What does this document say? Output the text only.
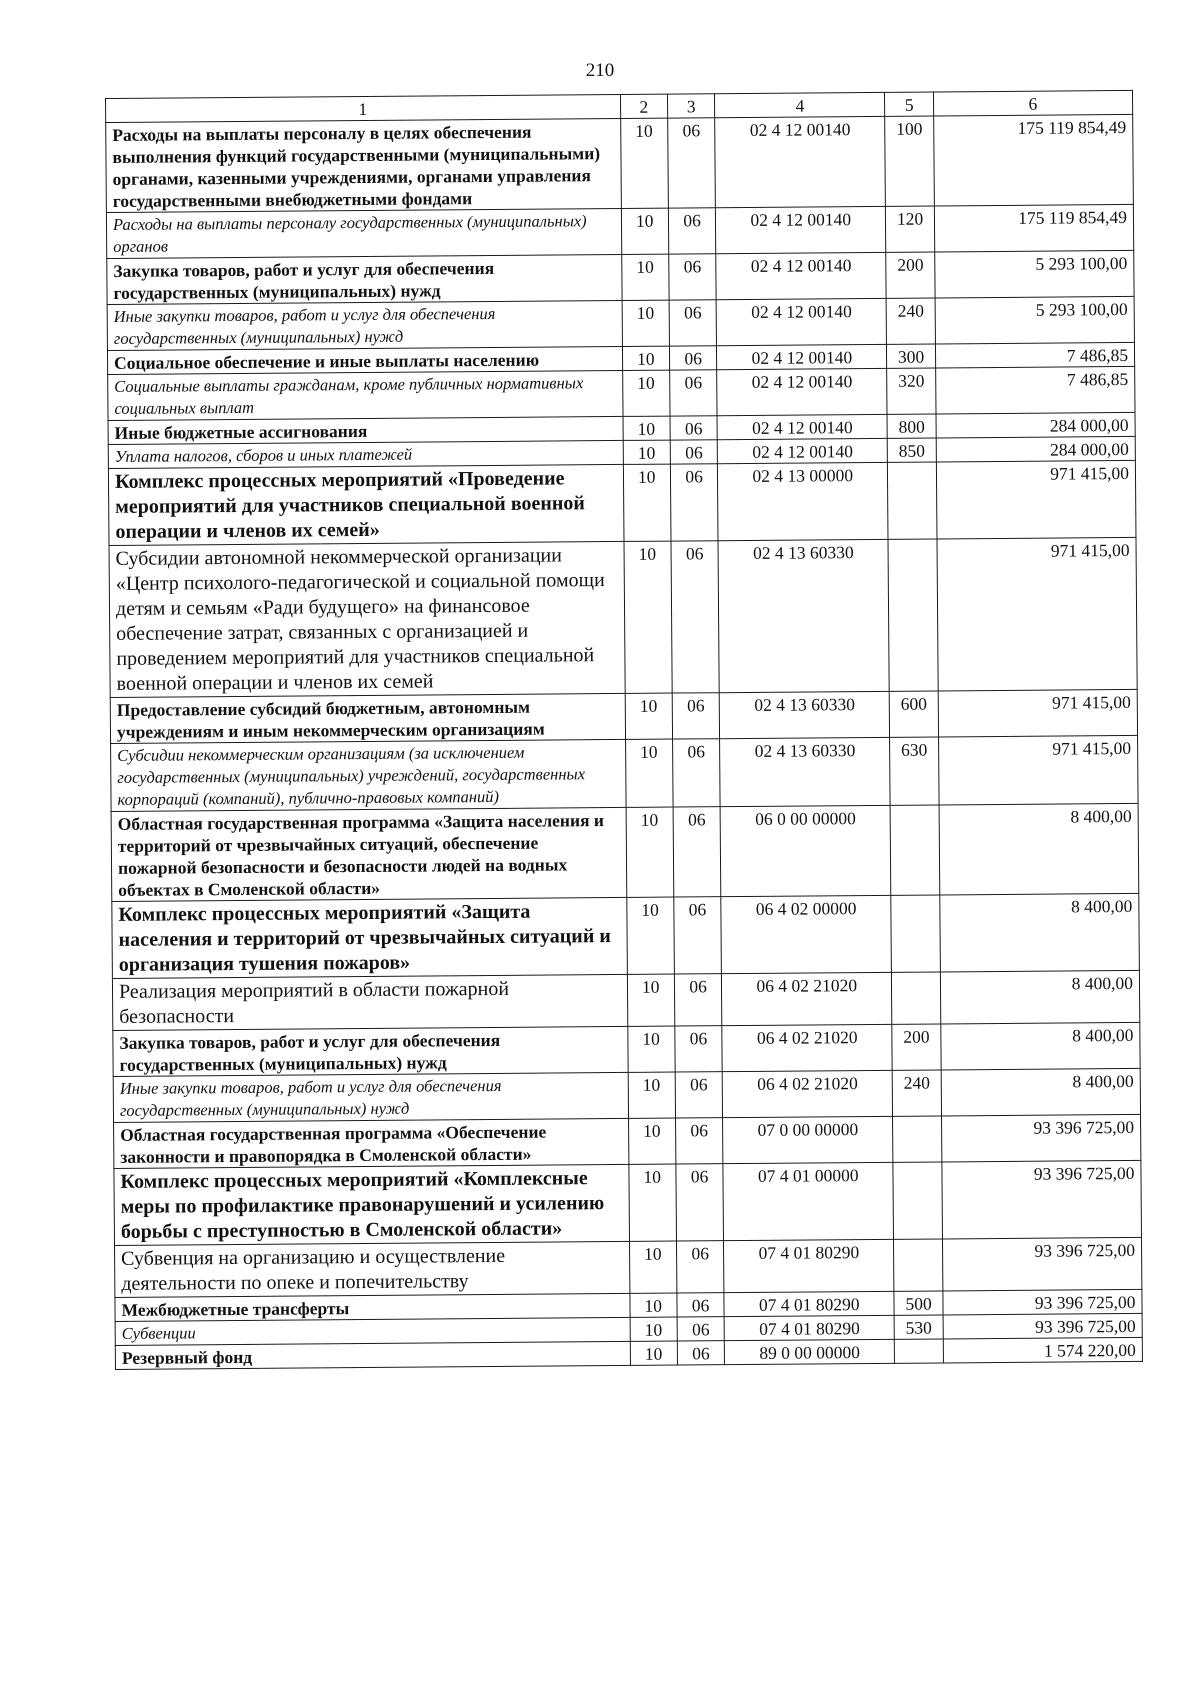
210
1	2	3	4	5	6
Расходы на выплаты персоналу в целях обеспечения выполнения функций государственными (муниципальными) органами, казенными учреждениями, органами управления государственными внебюджетными фондами	10	06	02 4 12 00140	100	175 119 854,49
Расходы на выплаты персоналу государственных (муниципальных) органов	10	06	02 4 12 00140	120	175 119 854,49
Закупка товаров, работ и услуг для обеспечения государственных (муниципальных) нужд	10	06	02 4 12 00140	200	5 293 100,00
Иные закупки товаров, работ и услуг для обеспечения государственных (муниципальных) нужд	10	06	02 4 12 00140	240	5 293 100,00
Социальное обеспечение и иные выплаты населению	10	06	02 4 12 00140	300	7 486,85
Социальные выплаты гражданам, кроме публичных нормативных социальных выплат	10	06	02 4 12 00140	320	7 486,85
Иные бюджетные ассигнования	10	06	02 4 12 00140	800	284 000,00
Уплата налогов, сборов и иных платежей	10	06	02 4 12 00140	850	284 000,00
Комплекс процессных мероприятий «Проведение мероприятий для участников специальной военной операции и членов их семей»	10	06	02 4 13 00000		971 415,00
Субсидии автономной некоммерческой организации «Центр психолого-педагогической и социальной помощи детям и семьям «Ради будущего» на финансовое обеспечение затрат, связанных с организацией и проведением мероприятий для участников специальной военной операции и членов их семей	10	06	02 4 13 60330		971 415,00
Предоставление субсидий бюджетным, автономным учреждениям и иным некоммерческим организациям	10	06	02 4 13 60330	600	971 415,00
Субсидии некоммерческим организациям (за исключением государственных (муниципальных) учреждений, государственных корпораций (компаний), публично-правовых компаний)	10	06	02 4 13 60330	630	971 415,00
Областная государственная программа «Защита населения и территорий от чрезвычайных ситуаций, обеспечение пожарной безопасности и безопасности людей на водных объектах в Смоленской области»	10	06	06 0 00 00000		8 400,00
Комплекс процессных мероприятий «Защита населения и территорий от чрезвычайных ситуаций и организация тушения пожаров»	10	06	06 4 02 00000		8 400,00
Реализация мероприятий в области пожарной безопасности	10	06	06 4 02 21020		8 400,00
Закупка товаров, работ и услуг для обеспечения государственных (муниципальных) нужд	10	06	06 4 02 21020	200	8 400,00
Иные закупки товаров, работ и услуг для обеспечения государственных (муниципальных) нужд	10	06	06 4 02 21020	240	8 400,00
Областная государственная программа «Обеспечение законности и правопорядка в Смоленской области»	10	06	07 0 00 00000		93 396 725,00
Комплекс процессных мероприятий «Комплексные меры по профилактике правонарушений и усилению борьбы с преступностью в Смоленской области»	10	06	07 4 01 00000		93 396 725,00
Субвенция на организацию и осуществление деятельности по опеке и попечительству	10	06	07 4 01 80290		93 396 725,00
Межбюджетные трансферты	10	06	07 4 01 80290	500	93 396 725,00
Субвенции	10	06	07 4 01 80290	530	93 396 725,00
Резервный фонд	10	06	89 0 00 00000		1 574 220,00
